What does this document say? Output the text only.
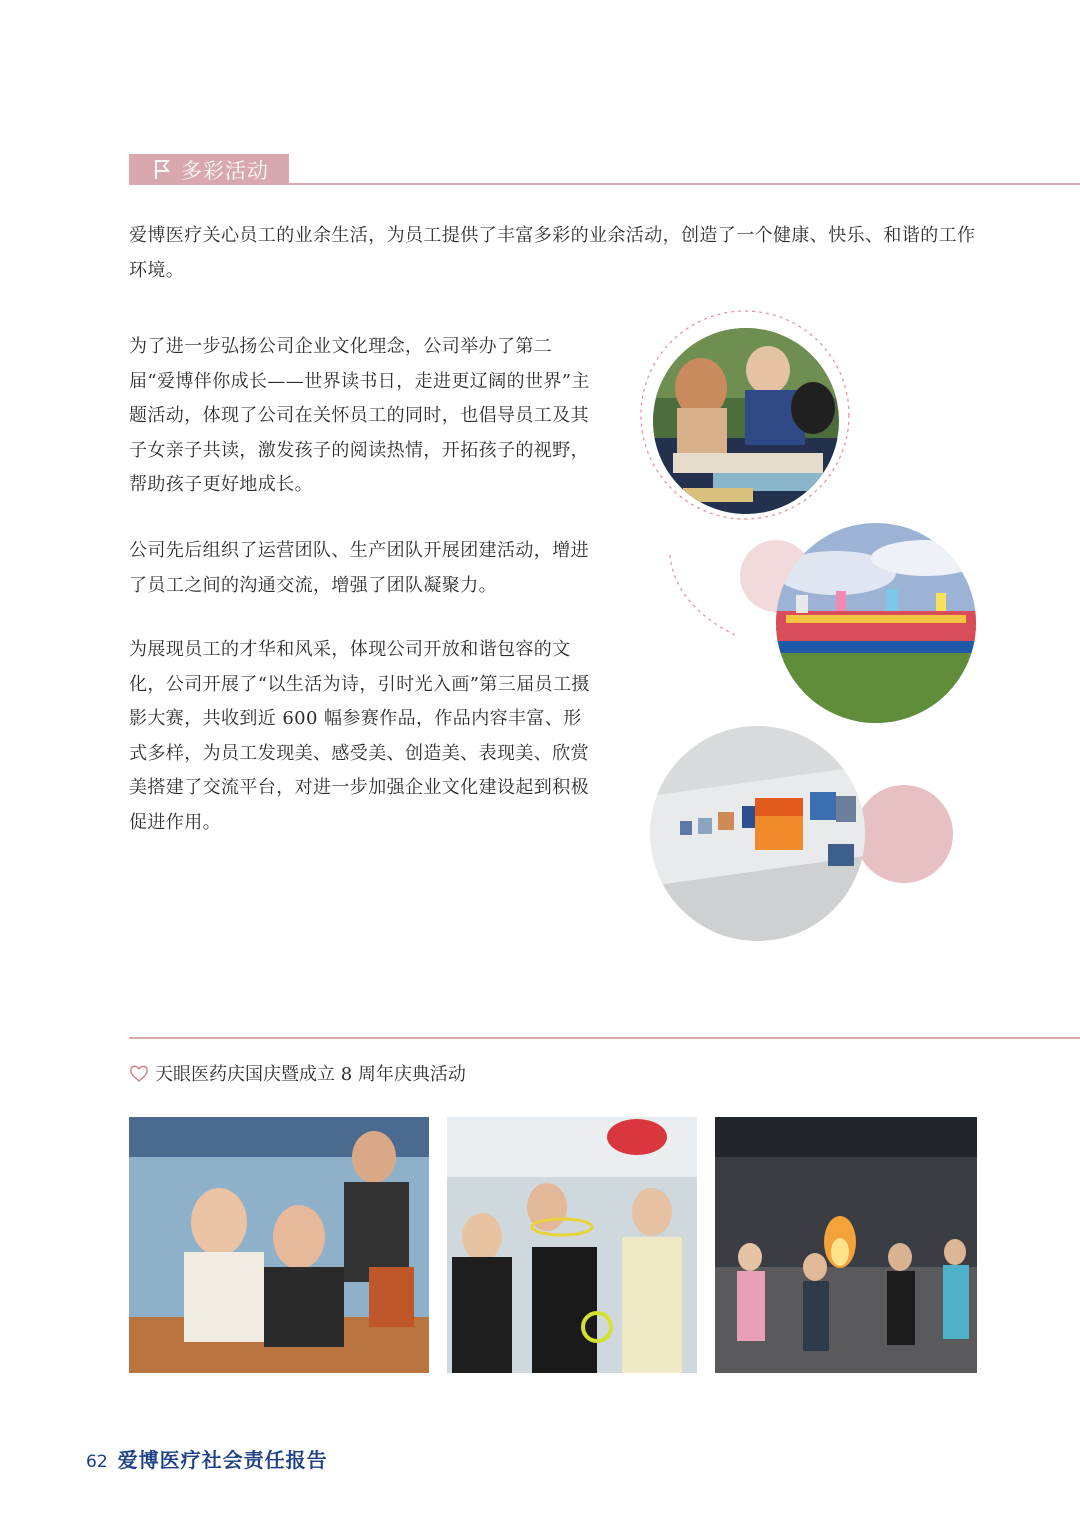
多彩活动

爱博医疗关心员工的业余生活，为员工提供了丰富多彩的业余活动，创造了一个健康、快乐、和谐的工作环境。

为了进一步弘扬公司企业文化理念，公司举办了第二届“爱博伴你成长——世界读书日，走进更辽阔的世界”主题活动，体现了公司在关怀员工的同时，也倡导员工及其子女亲子共读，激发孩子的阅读热情，开拓孩子的视野，帮助孩子更好地成长。

公司先后组织了运营团队、生产团队开展团建活动，增进了员工之间的沟通交流，增强了团队凝聚力。

为展现员工的才华和风采，体现公司开放和谐包容的文化，公司开展了“以生活为诗，引时光入画”第三届员工摄影大赛，共收到近 600 幅参赛作品，作品内容丰富、形式多样，为员工发现美、感受美、创造美、表现美、欣赏美搭建了交流平台，对进一步加强企业文化建设起到积极促进作用。

天眼医药庆国庆暨成立 8 周年庆典活动
62 爱博医疗社会责任报告
